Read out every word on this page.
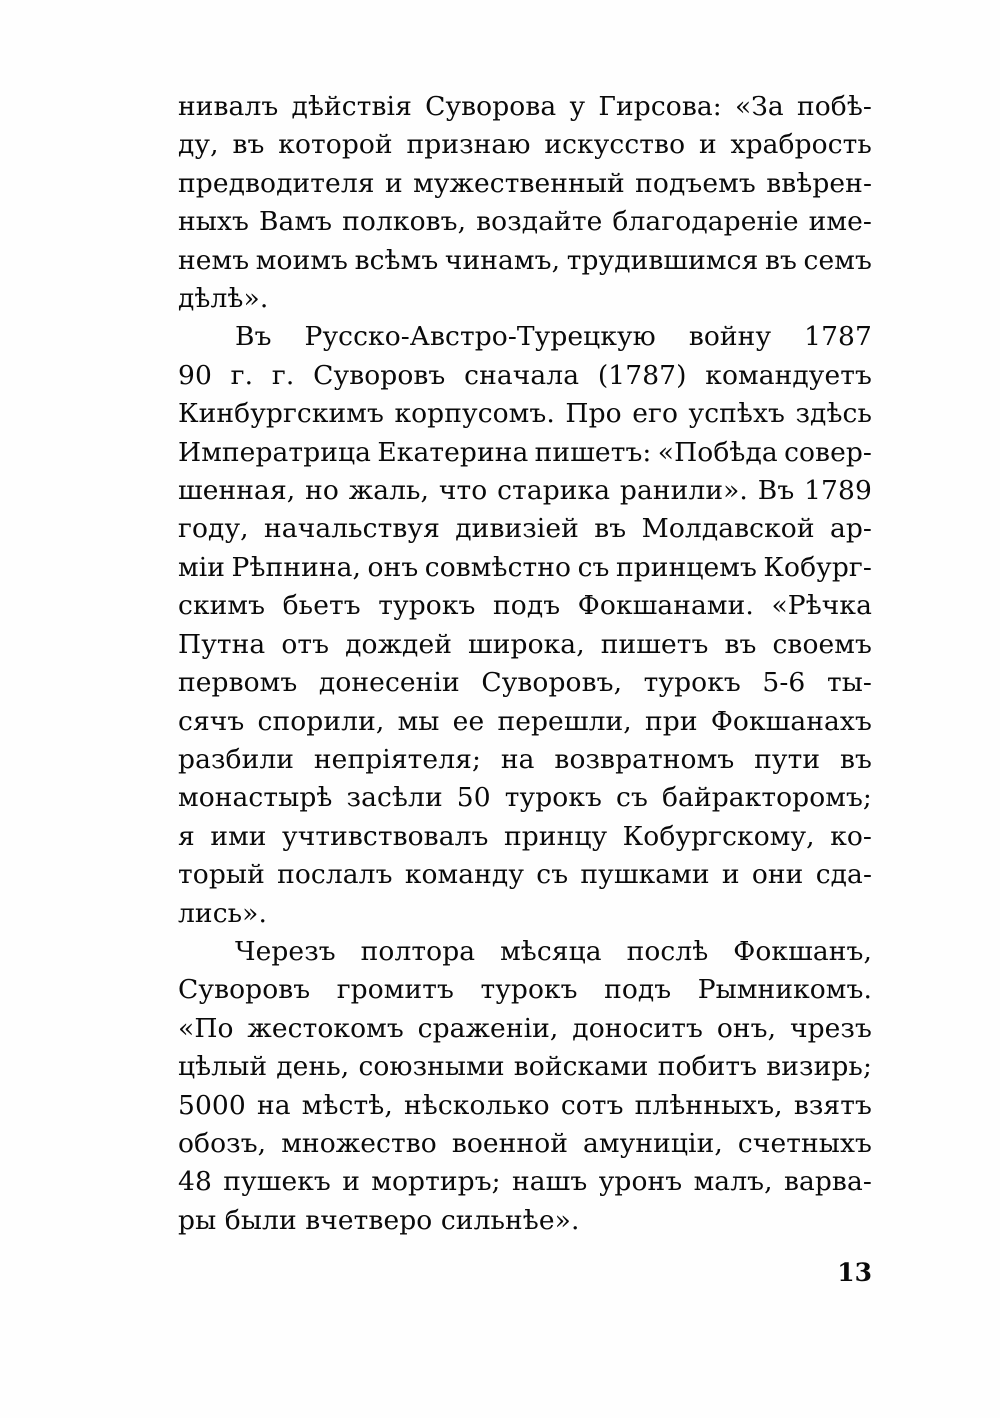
нивалъ дѣйствія Суворова у Гирсова: «За побѣ-
ду, въ которой признаю искусство и храбрость
предводителя и мужественный подъемъ ввѣрен-
ныхъ Вамъ полковъ, воздайте благодареніе име-
немъ моимъ всѣмъ чинамъ, трудившимся въ семъ
дѣлѣ».
Въ Русско-Австро-Турецкую войну 1787
90 г. г. Суворовъ сначала (1787) командуетъ
Кинбургскимъ корпусомъ. Про его успѣхъ здѣсь
Императрица Екатерина пишетъ: «Побѣда совер-
шенная, но жаль, что старика ранили». Въ 1789
году, начальствуя дивизіей въ Молдавской ар-
міи Рѣпнина, онъ совмѣстно съ принцемъ Кобург-
скимъ бьетъ турокъ подъ Фокшанами. «Рѣчка
Путна отъ дождей широка, пишетъ въ своемъ
первомъ донесеніи Суворовъ, турокъ 5-6 ты-
сячъ спорили, мы ее перешли, при Фокшанахъ
разбили непріятеля; на возвратномъ пути въ
монастырѣ засѣли 50 турокъ съ байракторомъ;
я ими учтивствовалъ принцу Кобургскому, ко-
торый послалъ команду съ пушками и они сда-
лись».
Черезъ полтора мѣсяца послѣ Фокшанъ,
Суворовъ громитъ турокъ подъ Рымникомъ.
«По жестокомъ сраженіи, доноситъ онъ, чрезъ
цѣлый день, союзными войсками побитъ визирь;
5000 на мѣстѣ, нѣсколько сотъ плѣнныхъ, взятъ
обозъ, множество военной амуниціи, счетныхъ
48 пушекъ и мортиръ; нашъ уронъ малъ, варва-
ры были вчетверо сильнѣе».
13
